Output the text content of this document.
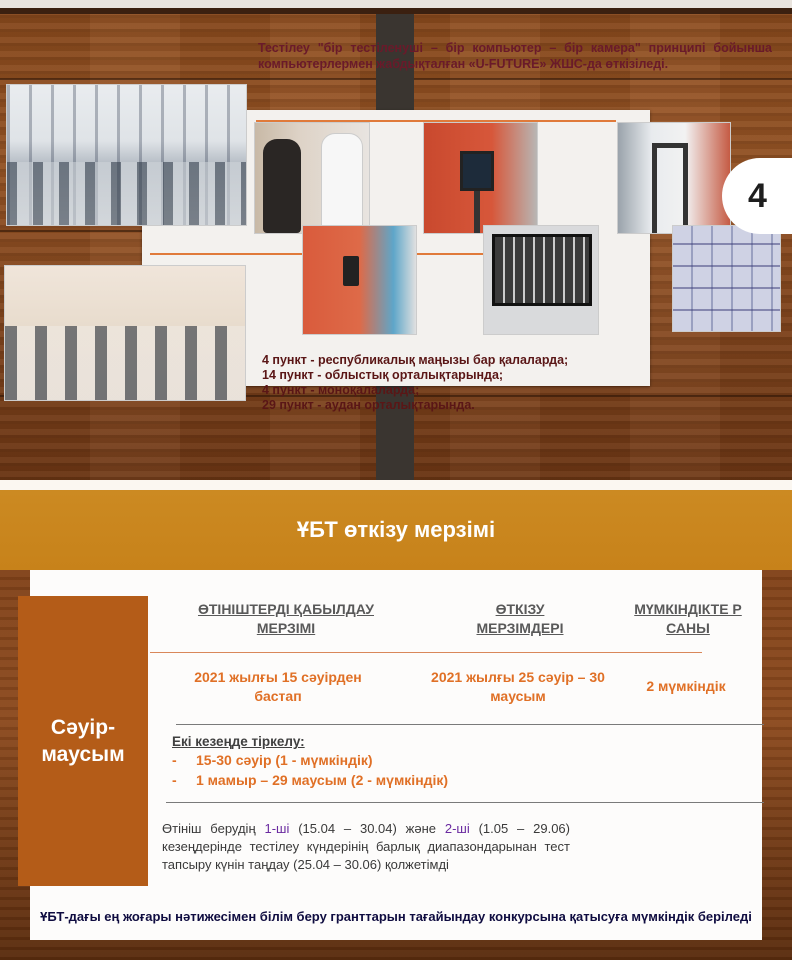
Тестілеу "бір тестіленуші – бір компьютер – бір камера" принципі бойынша компьютерлермен жабдықталған «U-FUTURE» ЖШС-да өткізіледі.
4
4 пункт - республикалық маңызы бар қалаларда;
14 пункт - облыстық орталықтарында;
4 пункт - моноқалаларда;
29 пункт - аудан орталықтарында.
ҰБТ өткізу мерзімі
Сәуір-маусым
ӨТІНІШТЕРДІ ҚАБЫЛДАУ МЕРЗІМІ
ӨТКІЗУ МЕРЗІМДЕРІ
МҮМКІНДІКТЕ Р САНЫ
2021 жылғы 15 сәуірден бастап
2021 жылғы 25 сәуір – 30 маусым
2 мүмкіндік
Екі кезеңде тіркелу:
- 15-30 сәуір (1 - мүмкіндік)
- 1 мамыр – 29 маусым (2 - мүмкіндік)
Өтініш берудің 1-ші (15.04 – 30.04) және 2-ші (1.05 – 29.06) кезеңдерінде тестілеу күндерінің барлық диапазондарынан тест тапсыру күнін таңдау (25.04 – 30.06) қолжетімді
ҰБТ-дағы ең жоғары нәтижесімен білім беру гранттарын тағайындау конкурсына қатысуға мүмкіндік беріледі
